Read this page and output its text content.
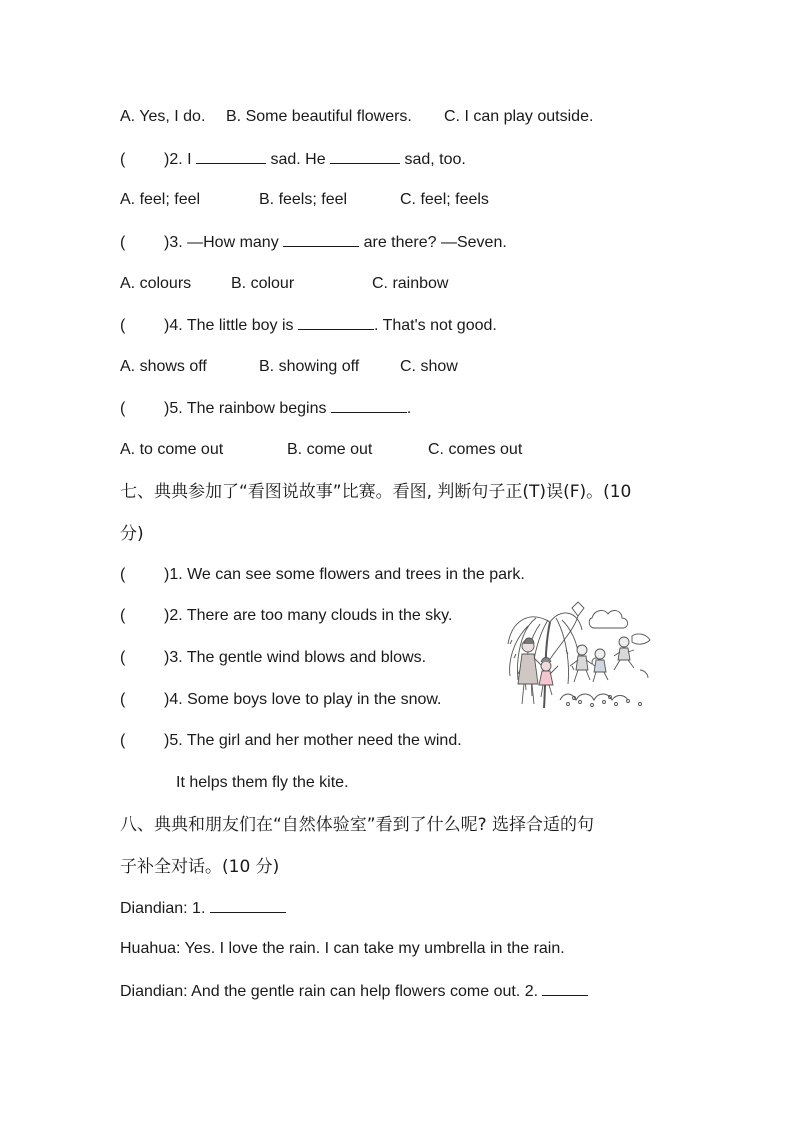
A. Yes, I do. B. Some beautiful flowers. C. I can play outside.
( )2. I	sad. He	sad, too.
A. feel; feel	B. feels; feel	C. feel; feels
( )3. —How many	are there? —Seven.
A. colours B. colour	C. rainbow
( )4. The little boy is	. That's not good.
A. shows off	B. showing off	C. show
( )5. The rainbow begins	.
A. to come out	B. come out	C. comes out
七、典典参加了“看图说故事”比赛。看图, 判断句子正(T)误(F)。(10
分)
( )1. We can see some flowers and trees in the park.
( )2. There are too many clouds in the sky.
( )3. The gentle wind blows and blows.
( )4. Some boys love to play in the snow.
( )5. The girl and her mother need the wind.
It helps them fly the kite.
八、典典和朋友们在“自然体验室”看到了什么呢? 选择合适的句
子补全对话。(10 分)
Diandian: 1.
Huahua: Yes. I love the rain. I can take my umbrella in the rain.
Diandian: And the gentle rain can help flowers come out. 2.
